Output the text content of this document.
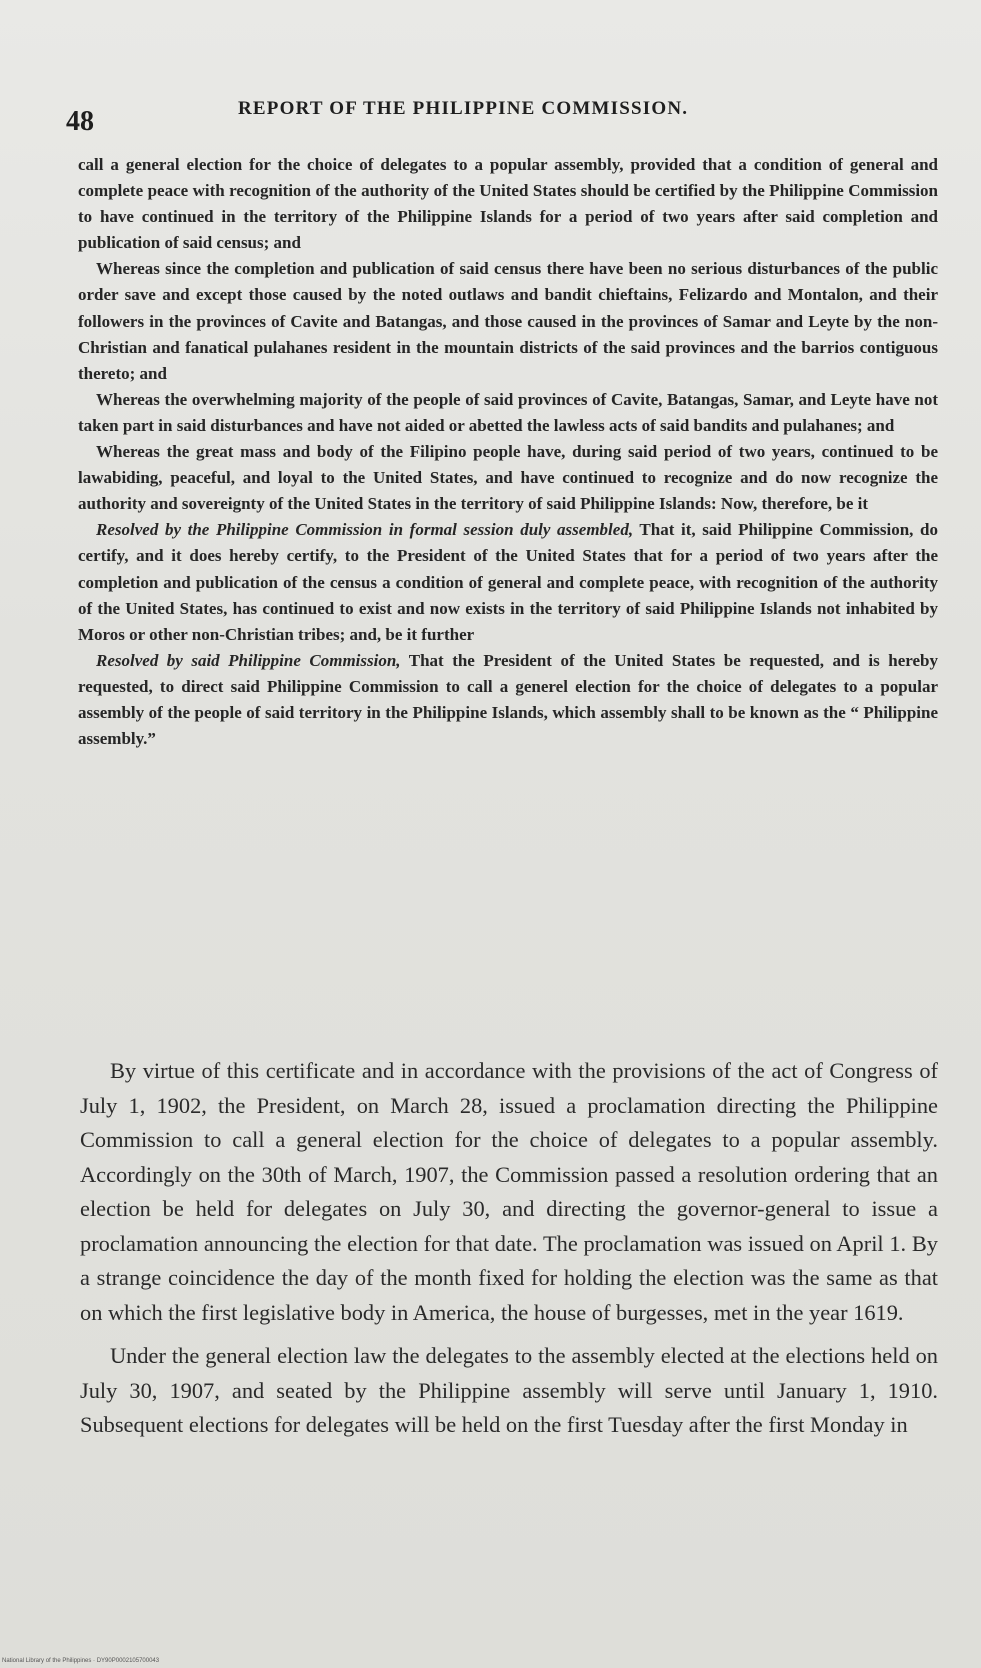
48	REPORT OF THE PHILIPPINE COMMISSION.

call a general election for the choice of delegates to a popular assembly, provided that a condition of general and complete peace with recognition of the authority of the United States should be certified by the Philippine Commission to have continued in the territory of the Philippine Islands for a period of two years after said completion and publication of said census; and

Whereas since the completion and publication of said census there have been no serious disturbances of the public order save and except those caused by the noted outlaws and bandit chieftains, Felizardo and Montalon, and their followers in the provinces of Cavite and Batangas, and those caused in the provinces of Samar and Leyte by the non-Christian and fanatical pulahanes resident in the mountain districts of the said provinces and the barrios contiguous thereto; and

Whereas the overwhelming majority of the people of said provinces of Cavite, Batangas, Samar, and Leyte have not taken part in said disturbances and have not aided or abetted the lawless acts of said bandits and pulahanes; and

Whereas the great mass and body of the Filipino people have, during said period of two years, continued to be lawabiding, peaceful, and loyal to the United States, and have continued to recognize and do now recognize the authority and sovereignty of the United States in the territory of said Philippine Islands: Now, therefore, be it

Resolved by the Philippine Commission in formal session duly assembled, That it, said Philippine Commission, do certify, and it does hereby certify, to the President of the United States that for a period of two years after the completion and publication of the census a condition of general and complete peace, with recognition of the authority of the United States, has continued to exist and now exists in the territory of said Philippine Islands not inhabited by Moros or other non-Christian tribes; and, be it further

Resolved by said Philippine Commission, That the President of the United States be requested, and is hereby requested, to direct said Philippine Commission to call a generel election for the choice of delegates to a popular assembly of the people of said territory in the Philippine Islands, which assembly shall to be known as the “ Philippine assembly.”

By virtue of this certificate and in accordance with the provisions of the act of Congress of July 1, 1902, the President, on March 28, issued a proclamation directing the Philippine Commission to call a general election for the choice of delegates to a popular assembly. Accordingly on the 30th of March, 1907, the Commission passed a resolution ordering that an election be held for delegates on July 30, and directing the governor-general to issue a proclamation announcing the election for that date. The proclamation was issued on April 1. By a strange coincidence the day of the month fixed for holding the election was the same as that on which the first legislative body in America, the house of burgesses, met in the year 1619.

Under the general election law the delegates to the assembly elected at the elections held on July 30, 1907, and seated by the Philippine assembly will serve until January 1, 1910. Subsequent elections for delegates will be held on the first Tuesday after the first Monday in

National Library of the Philippines · DY90P0002105700043
